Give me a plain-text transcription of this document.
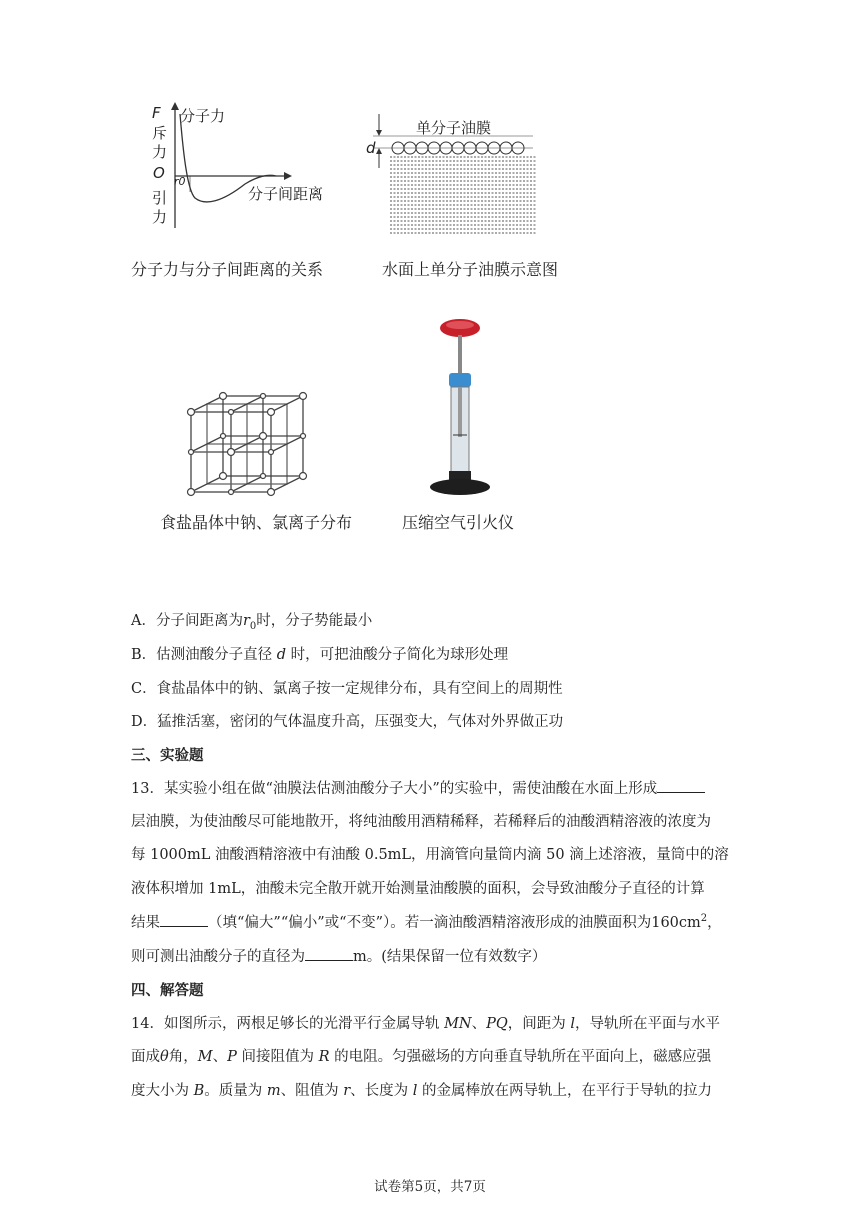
F 分子力
斥力
O r0
引力
分子间距离
分子力与分子间距离的关系
单分子油膜
d
水面上单分子油膜示意图
食盐晶体中钠、氯离子分布	压缩空气引火仪
A．分子间距离为$r_0$时，分子势能最小
B．估测油酸分子直径 d 时，可把油酸分子简化为球形处理
C．食盐晶体中的钠、氯离子按一定规律分布，具有空间上的周期性
D．猛推活塞，密闭的气体温度升高，压强变大，气体对外界做正功
三、实验题
13．某实验小组在做“油膜法估测油酸分子大小”的实验中，需使油酸在水面上形成
层油膜，为使油酸尽可能地散开，将纯油酸用酒精稀释，若稀释后的油酸酒精溶液的浓度为
每 1000mL 油酸酒精溶液中有油酸 0.5mL，用滴管向量筒内滴 50 滴上述溶液，量筒中的溶
液体积增加 1mL，油酸未完全散开就开始测量油酸膜的面积，会导致油酸分子直径的计算
结果	（填“偏大”“偏小”或“不变”）。若一滴油酸酒精溶液形成的油膜面积为$160cm^2$，
则可测出油酸分子的直径为	m。(结果保留一位有效数字）
四、解答题
14．如图所示，两根足够长的光滑平行金属导轨 MN、PQ，间距为 l，导轨所在平面与水平
面成θ角，M、P 间接阻值为 R 的电阻。匀强磁场的方向垂直导轨所在平面向上，磁感应强
度大小为 B。质量为 m、阻值为 r、长度为 l 的金属棒放在两导轨上，在平行于导轨的拉力
试卷第5页，共7页
